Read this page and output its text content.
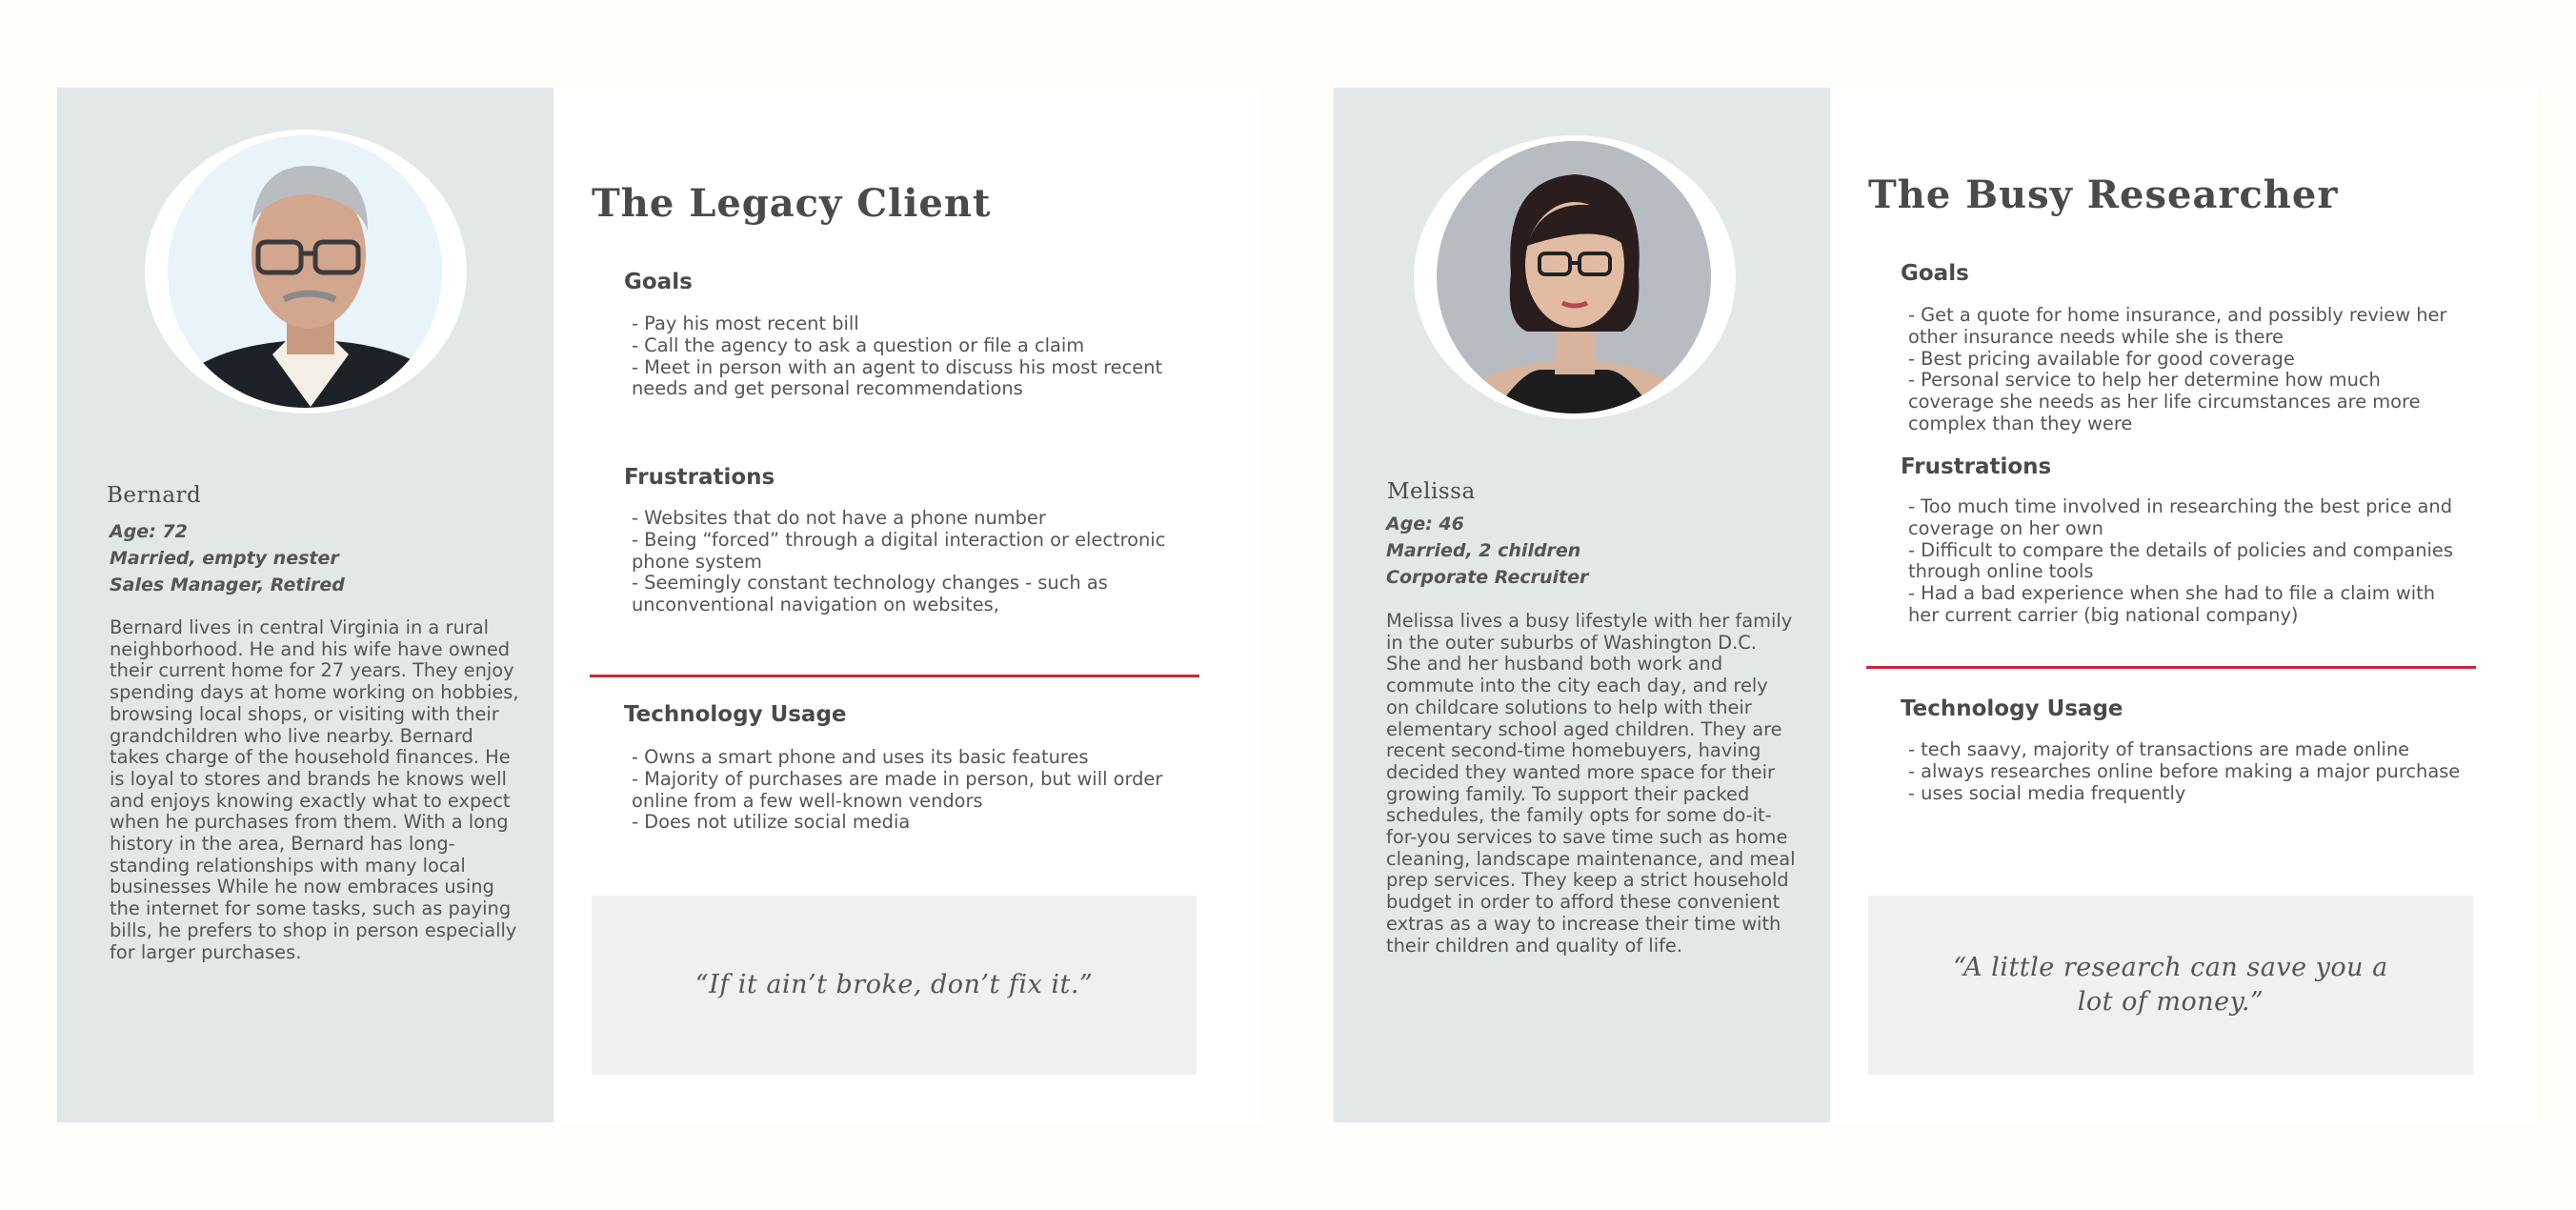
Bernard
Age: 72
Married, empty nester
Sales Manager, Retired
Bernard lives in central Virginia in a rural neighborhood. He and his wife have owned their current home for 27 years. They enjoy spending days at home working on hobbies, browsing local shops, or visiting with their grandchildren who live nearby. Bernard takes charge of the household finances. He is loyal to stores and brands he knows well and enjoys knowing exactly what to expect when he purchases from them. With a long history in the area, Bernard has long-standing relationships with many local businesses While he now embraces using the internet for some tasks, such as paying bills, he prefers to shop in person especially for larger purchases.
The Legacy Client
Goals
- Pay his most recent bill
- Call the agency to ask a question or file a claim
- Meet in person with an agent to discuss his most recent needs and get personal recommendations
Frustrations
- Websites that do not have a phone number
- Being “forced” through a digital interaction or electronic phone system
- Seemingly constant technology changes - such as unconventional navigation on websites,
Technology Usage
- Owns a smart phone and uses its basic features
- Majority of purchases are made in person, but will order online from a few well-known vendors
- Does not utilize social media

“If it ain’t broke, don’t fix it.”

Melissa
Age: 46
Married, 2 children
Corporate Recruiter
Melissa lives a busy lifestyle with her family in the outer suburbs of Washington D.C. She and her husband both work and commute into the city each day, and rely on childcare solutions to help with their elementary school aged children. They are recent second-time homebuyers, having decided they wanted more space for their growing family. To support their packed schedules, the family opts for some do-it-for-you services to save time such as home cleaning, landscape maintenance, and meal prep services. They keep a strict household budget in order to afford these convenient extras as a way to increase their time with their children and quality of life.
The Busy Researcher
Goals
- Get a quote for home insurance, and possibly review her other insurance needs while she is there
- Best pricing available for good coverage
- Personal service to help her determine how much coverage she needs as her life circumstances are more complex than they were
Frustrations
- Too much time involved in researching the best price and coverage on her own
- Difficult to compare the details of policies and companies through online tools
- Had a bad experience when she had to file a claim with her current carrier (big national company)
Technology Usage
- tech saavy, majority of transactions are made online
- always researches online before making a major purchase
- uses social media frequently

“A little research can save you a lot of money.”
